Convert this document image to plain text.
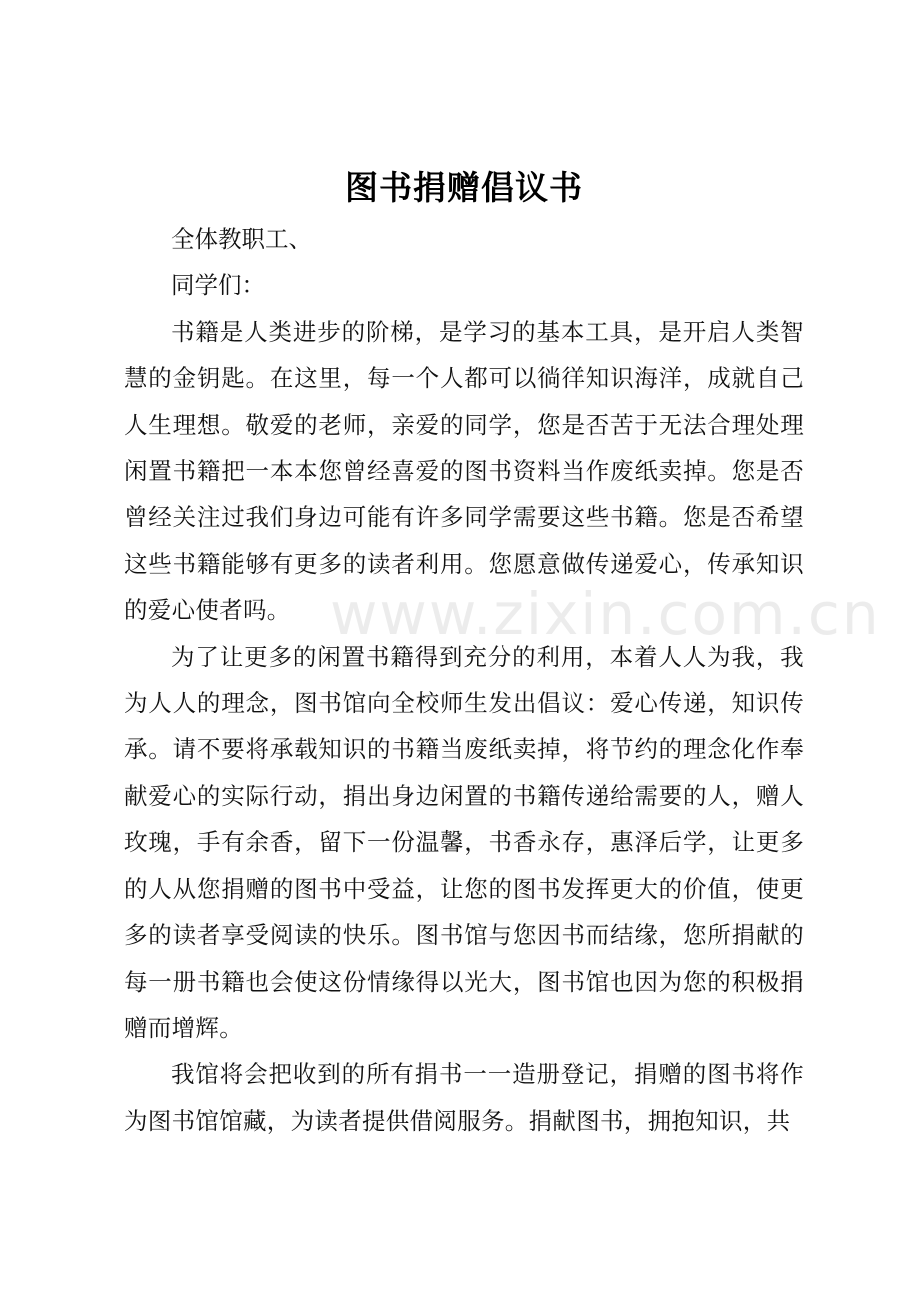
图书捐赠倡议书

全体教职工、

同学们：

书籍是人类进步的阶梯，是学习的基本工具，是开启人类智慧的金钥匙。在这里，每一个人都可以徜徉知识海洋，成就自己人生理想。敬爱的老师，亲爱的同学，您是否苦于无法合理处理闲置书籍把一本本您曾经喜爱的图书资料当作废纸卖掉。您是否曾经关注过我们身边可能有许多同学需要这些书籍。您是否希望这些书籍能够有更多的读者利用。您愿意做传递爱心，传承知识的爱心使者吗。

为了让更多的闲置书籍得到充分的利用，本着人人为我，我为人人的理念，图书馆向全校师生发出倡议：爱心传递，知识传承。请不要将承载知识的书籍当废纸卖掉，将节约的理念化作奉献爱心的实际行动，捐出身边闲置的书籍传递给需要的人，赠人玫瑰，手有余香，留下一份温馨，书香永存，惠泽后学，让更多的人从您捐赠的图书中受益，让您的图书发挥更大的价值，使更多的读者享受阅读的快乐。图书馆与您因书而结缘，您所捐献的每一册书籍也会使这份情缘得以光大，图书馆也因为您的积极捐赠而增辉。

我馆将会把收到的所有捐书一一造册登记，捐赠的图书将作为图书馆馆藏，为读者提供借阅服务。捐献图书，拥抱知识，共

www.zixin.com.cn
